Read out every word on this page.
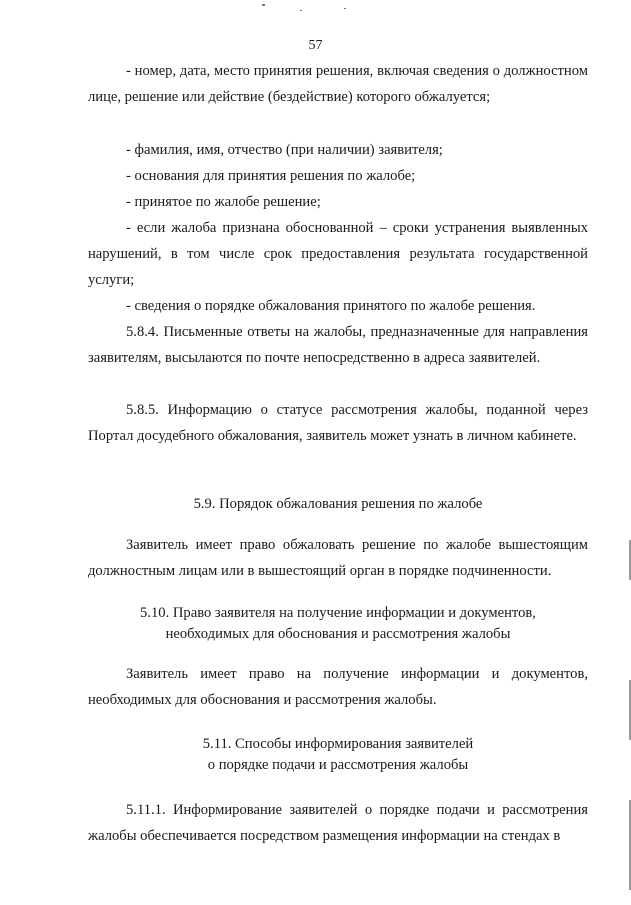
57
- номер, дата, место принятия решения, включая сведения о должностном лице, решение или действие (бездействие) которого обжалуется;
- фамилия, имя, отчество (при наличии) заявителя;
- основания для принятия решения по жалобе;
- принятое по жалобе решение;
- если жалоба признана обоснованной – сроки устранения выявленных нарушений, в том числе срок предоставления результата государственной услуги;
- сведения о порядке обжалования принятого по жалобе решения.
5.8.4. Письменные ответы на жалобы, предназначенные для направления заявителям, высылаются по почте непосредственно в адреса заявителей.
5.8.5. Информацию о статусе рассмотрения жалобы, поданной через Портал досудебного обжалования, заявитель может узнать в личном кабинете.
5.9. Порядок обжалования решения по жалобе
Заявитель имеет право обжаловать решение по жалобе вышестоящим должностным лицам или в вышестоящий орган в порядке подчиненности.
5.10. Право заявителя на получение информации и документов,
необходимых для обоснования и рассмотрения жалобы
Заявитель имеет право на получение информации и документов, необходимых для обоснования и рассмотрения жалобы.
5.11. Способы информирования заявителей
о порядке подачи и рассмотрения жалобы
5.11.1. Информирование заявителей о порядке подачи и рассмотрения жалобы обеспечивается посредством размещения информации на стендах в
